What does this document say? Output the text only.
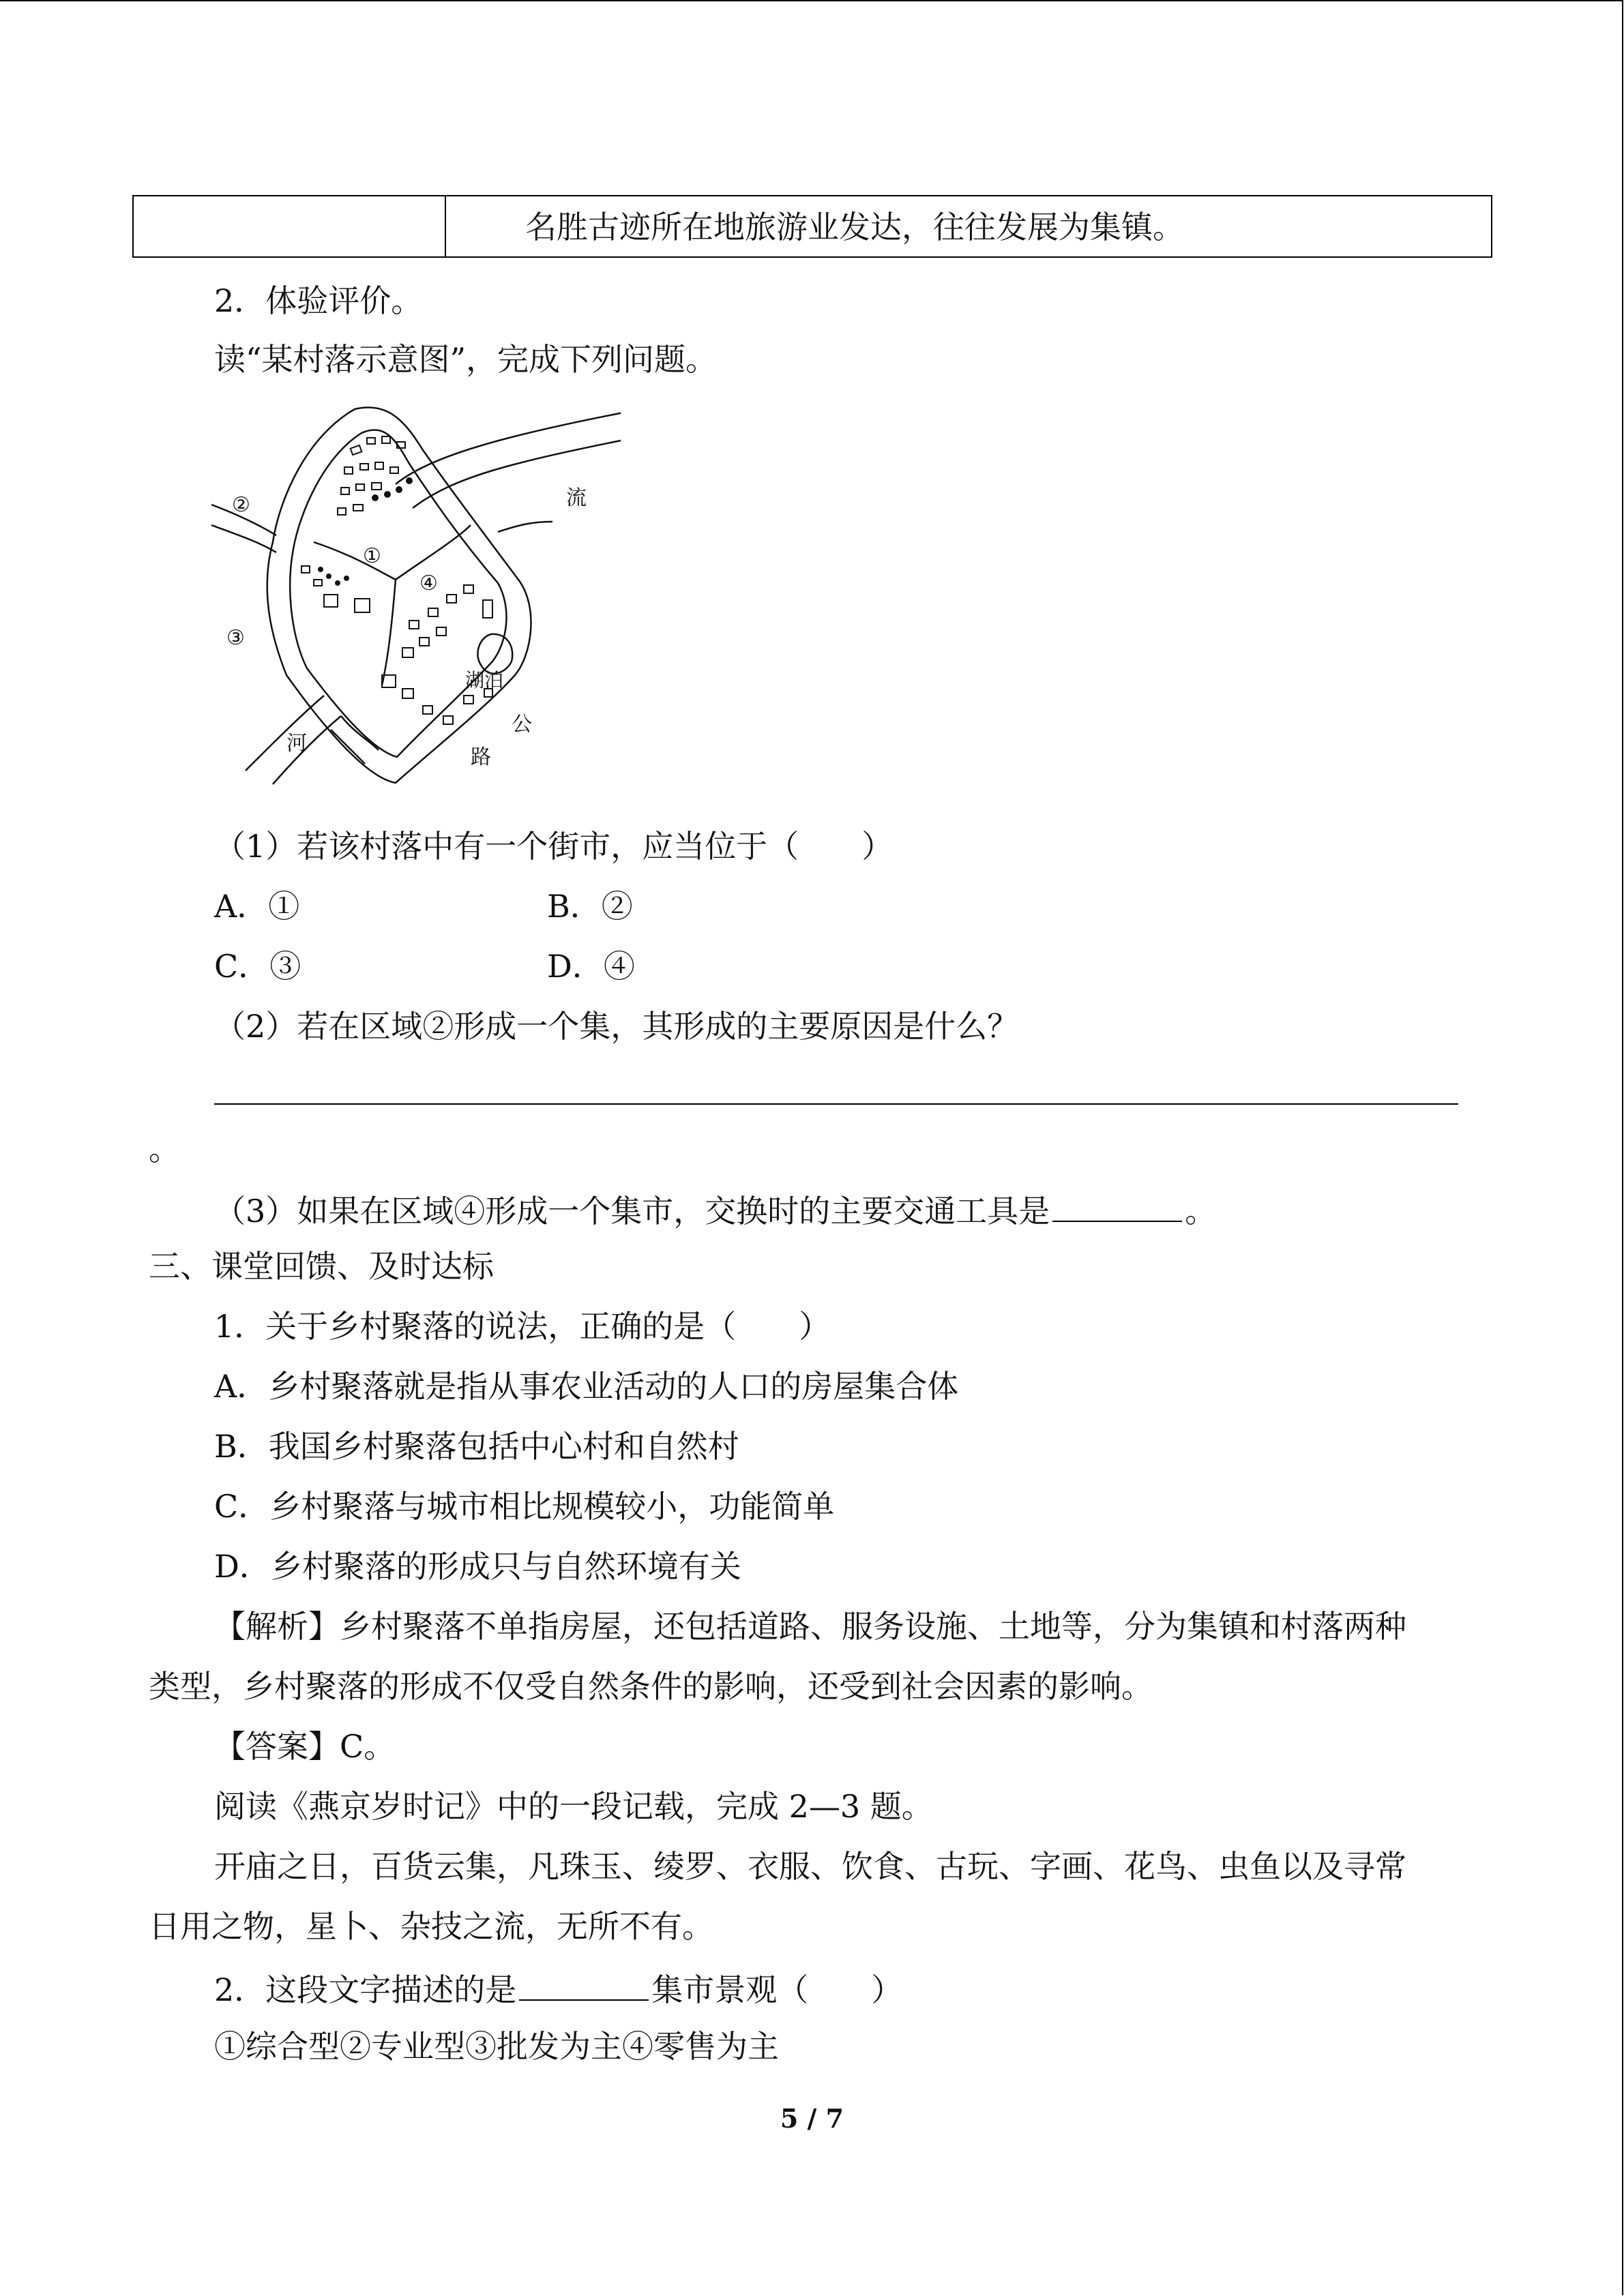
名胜古迹所在地旅游业发达，往往发展为集镇。
2．体验评价。
读“某村落示意图”，完成下列问题。
②
③
①
④
流
河
湖泊
公
路
（1）若该村落中有一个街市，应当位于（　　）
A．①	B．②
C．③	D．④
（2）若在区域②形成一个集，其形成的主要原因是什么？
。
（3）如果在区域④形成一个集市，交换时的主要交通工具是	。
三、课堂回馈、及时达标
1．关于乡村聚落的说法，正确的是（　　）
A．乡村聚落就是指从事农业活动的人口的房屋集合体
B．我国乡村聚落包括中心村和自然村
C．乡村聚落与城市相比规模较小，功能简单
D．乡村聚落的形成只与自然环境有关
【解析】乡村聚落不单指房屋，还包括道路、服务设施、土地等，分为集镇和村落两种
类型，乡村聚落的形成不仅受自然条件的影响，还受到社会因素的影响。
【答案】C。
阅读《燕京岁时记》中的一段记载，完成 2—3 题。
开庙之日，百货云集，凡珠玉、绫罗、衣服、饮食、古玩、字画、花鸟、虫鱼以及寻常
日用之物，星卜、杂技之流，无所不有。
2．这段文字描述的是	集市景观（　　）
①综合型②专业型③批发为主④零售为主
5 / 7
